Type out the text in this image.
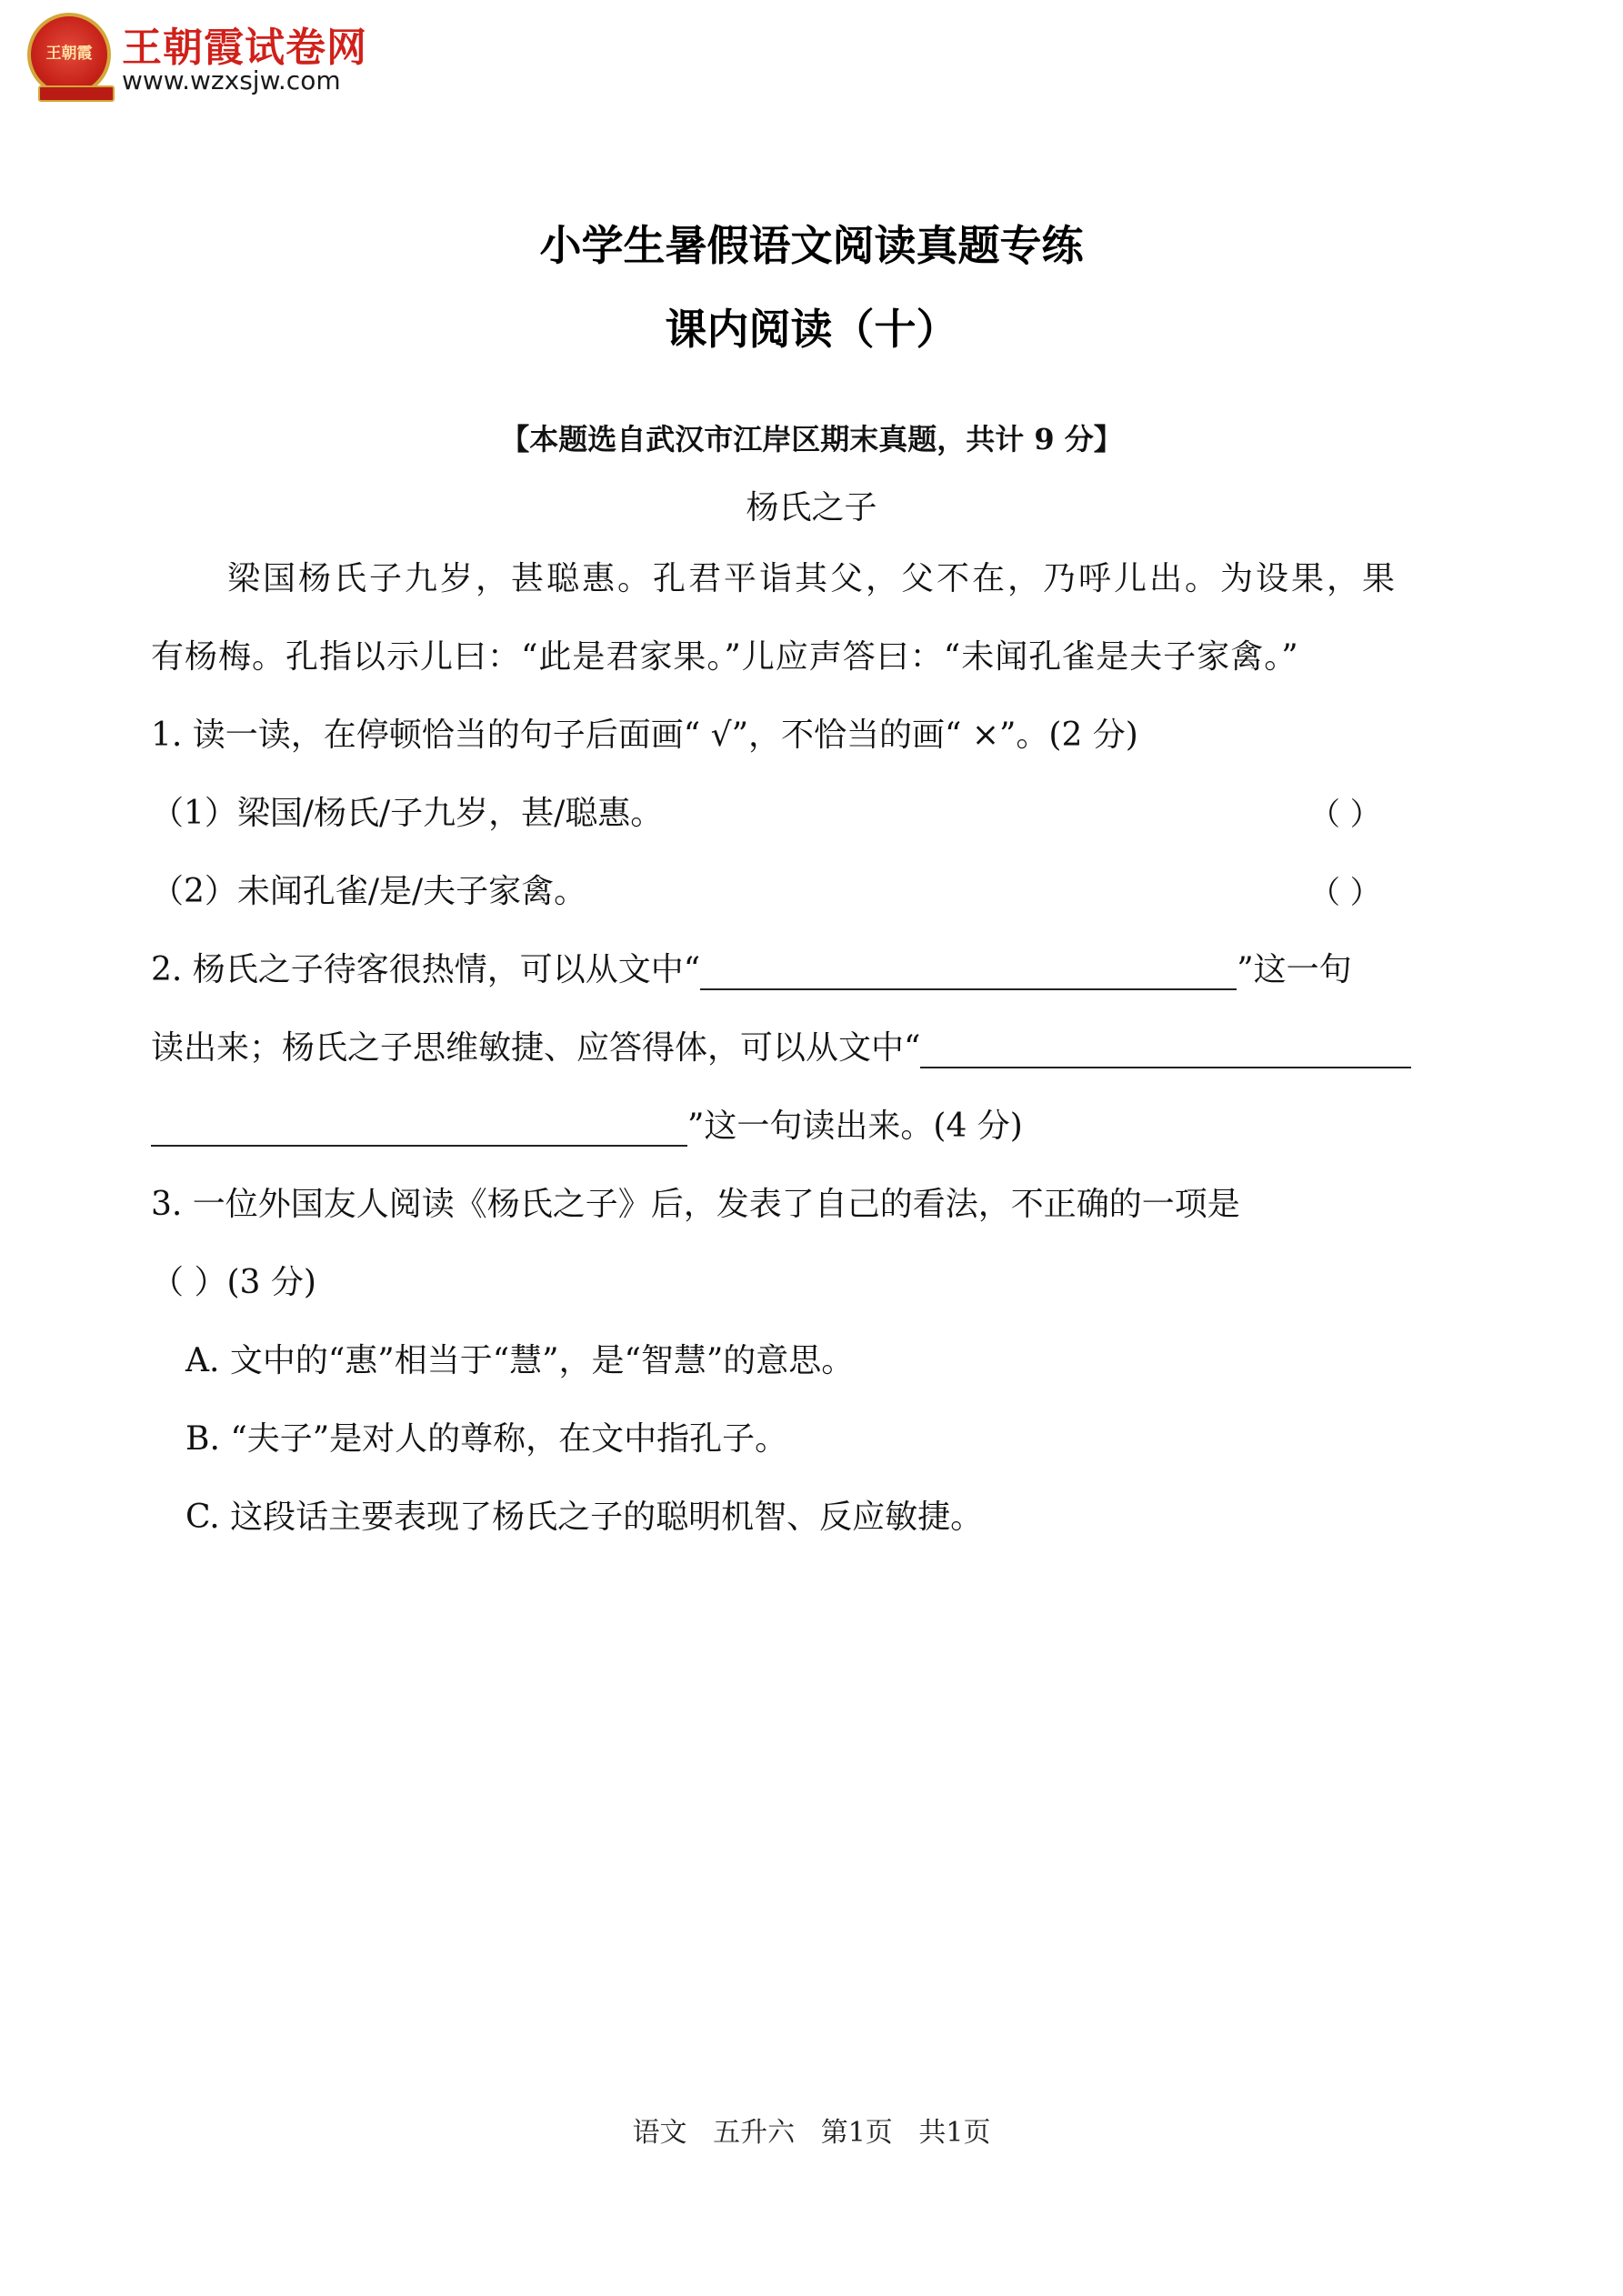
王朝霞 王朝霞试卷网
www.wzxsjw.com
小学生暑假语文阅读真题专练
课内阅读（十）
【本题选自武汉市江岸区期末真题，共计 9 分】
杨氏之子
梁国杨氏子九岁，甚聪惠。孔君平诣其父，父不在，乃呼儿出。为设果，果
有杨梅。孔指以示儿曰：“此是君家果。”儿应声答曰：“未闻孔雀是夫子家禽。”
1. 读一读，在停顿恰当的句子后面画“ √”，不恰当的画“ ×”。(2 分)
（1）梁国/杨氏/子九岁，甚/聪惠。	（ ）
（2）未闻孔雀/是/夫子家禽。	（ ）
2. 杨氏之子待客很热情，可以从文中“	”这一句
读出来；杨氏之子思维敏捷、应答得体，可以从文中“
”这一句读出来。(4 分)
3. 一位外国友人阅读《杨氏之子》后，发表了自己的看法，不正确的一项是
（ ）(3 分)
A. 文中的“惠”相当于“慧”，是“智慧”的意思。
B. “夫子”是对人的尊称，在文中指孔子。
C. 这段话主要表现了杨氏之子的聪明机智、反应敏捷。
语文   五升六   第1页   共1页
